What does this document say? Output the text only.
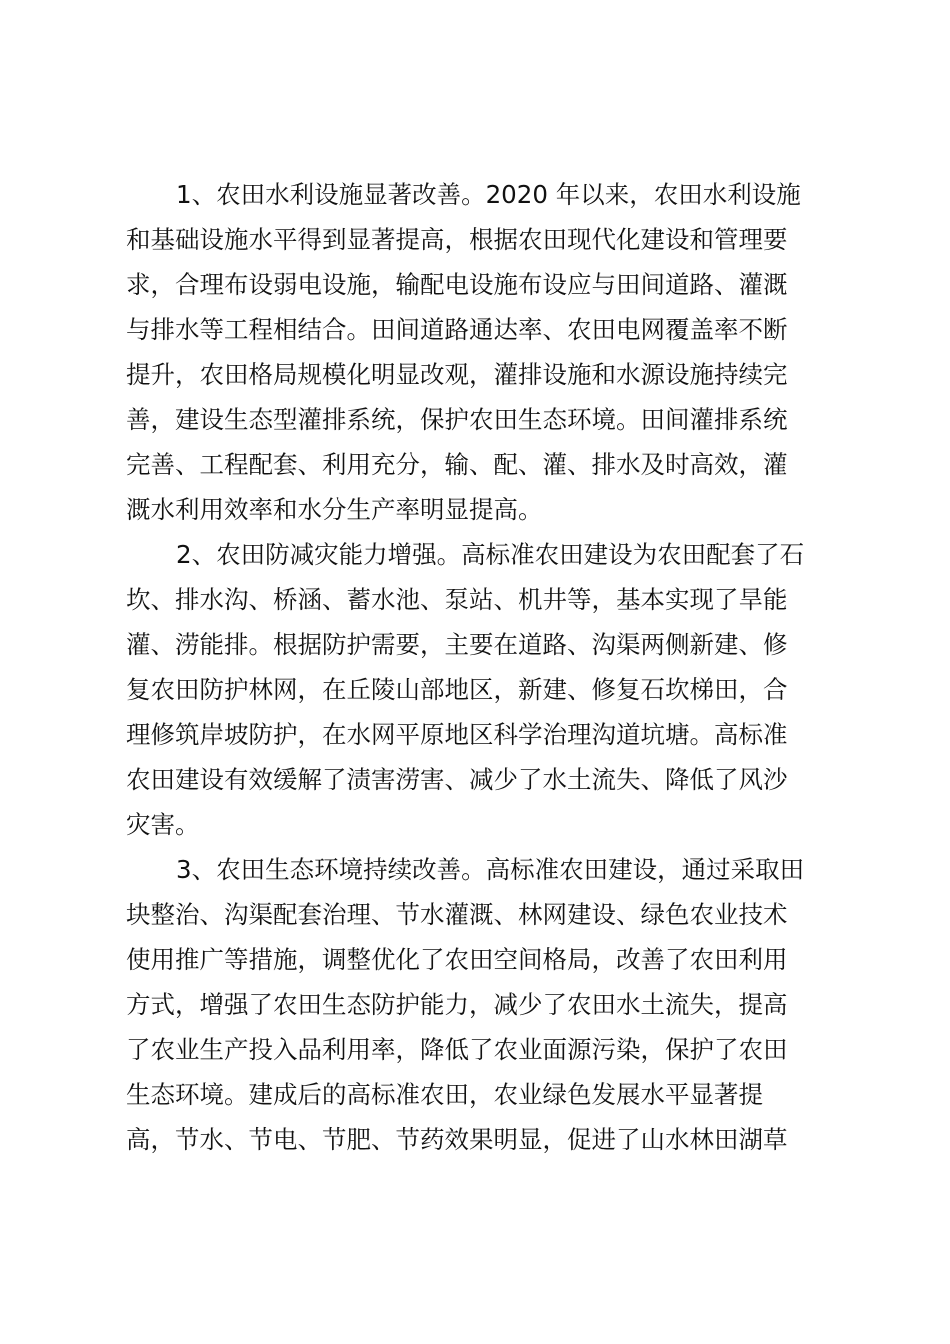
1、农田水利设施显著改善。2020 年以来，农田水利设施
和基础设施水平得到显著提高，根据农田现代化建设和管理要
求，合理布设弱电设施，输配电设施布设应与田间道路、灌溉
与排水等工程相结合。田间道路通达率、农田电网覆盖率不断
提升，农田格局规模化明显改观，灌排设施和水源设施持续完
善，建设生态型灌排系统，保护农田生态环境。田间灌排系统
完善、工程配套、利用充分，输、配、灌、排水及时高效，灌
溉水利用效率和水分生产率明显提高。
2、农田防减灾能力增强。高标准农田建设为农田配套了石
坎、排水沟、桥涵、蓄水池、泵站、机井等，基本实现了旱能
灌、涝能排。根据防护需要，主要在道路、沟渠两侧新建、修
复农田防护林网，在丘陵山部地区，新建、修复石坎梯田，合
理修筑岸坡防护，在水网平原地区科学治理沟道坑塘。高标准
农田建设有效缓解了渍害涝害、减少了水土流失、降低了风沙
灾害。
3、农田生态环境持续改善。高标准农田建设，通过采取田
块整治、沟渠配套治理、节水灌溉、林网建设、绿色农业技术
使用推广等措施，调整优化了农田空间格局，改善了农田利用
方式，增强了农田生态防护能力，减少了农田水土流失，提高
了农业生产投入品利用率，降低了农业面源污染，保护了农田
生态环境。建成后的高标准农田，农业绿色发展水平显著提
高，节水、节电、节肥、节药效果明显，促进了山水林田湖草
